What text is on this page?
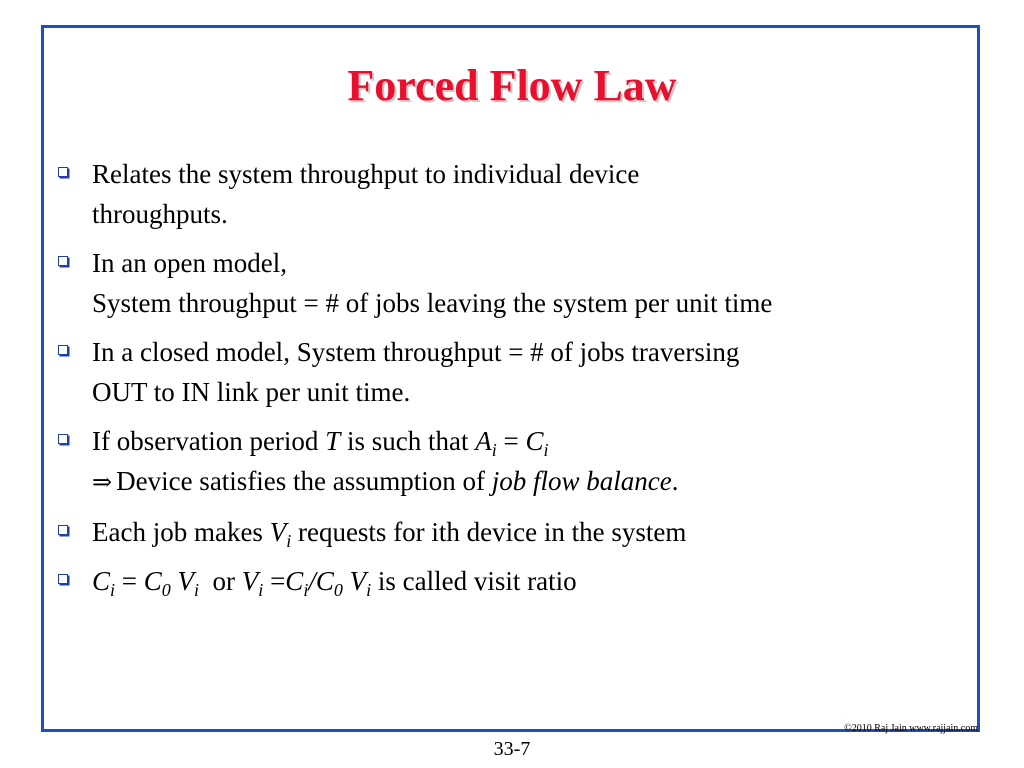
Forced Flow Law
Relates the system throughput to individual device
throughputs.
In an open model,
System throughput = # of jobs leaving the system per unit time
In a closed model, System throughput = # of jobs traversing
OUT to IN link per unit time.
If observation period T is such that $A_i = C_i$
⇒ Device satisfies the assumption of job flow balance.
Each job makes $V_i$ requests for ith device in the system
$C_i = C_0$ $V_i$  or $V_i =C_i/C_0$ $V_i$ is called visit ratio
©2010 Raj Jain www.rajjain.com
33-7
